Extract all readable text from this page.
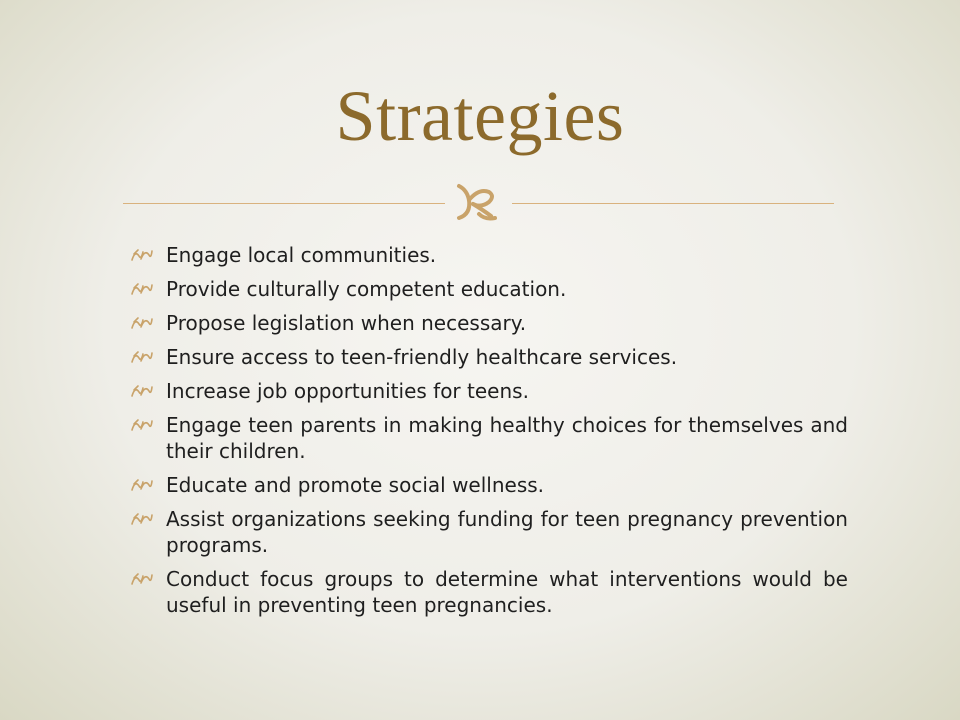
Strategies
Engage local communities.
Provide culturally competent education.
Propose legislation when necessary.
Ensure access to teen-friendly healthcare services.
Increase job opportunities for teens.
Engage teen parents in making healthy choices for themselves and their children.
Educate and promote social wellness.
Assist organizations seeking funding for teen pregnancy prevention programs.
Conduct focus groups to determine what interventions would be useful in preventing teen pregnancies.
